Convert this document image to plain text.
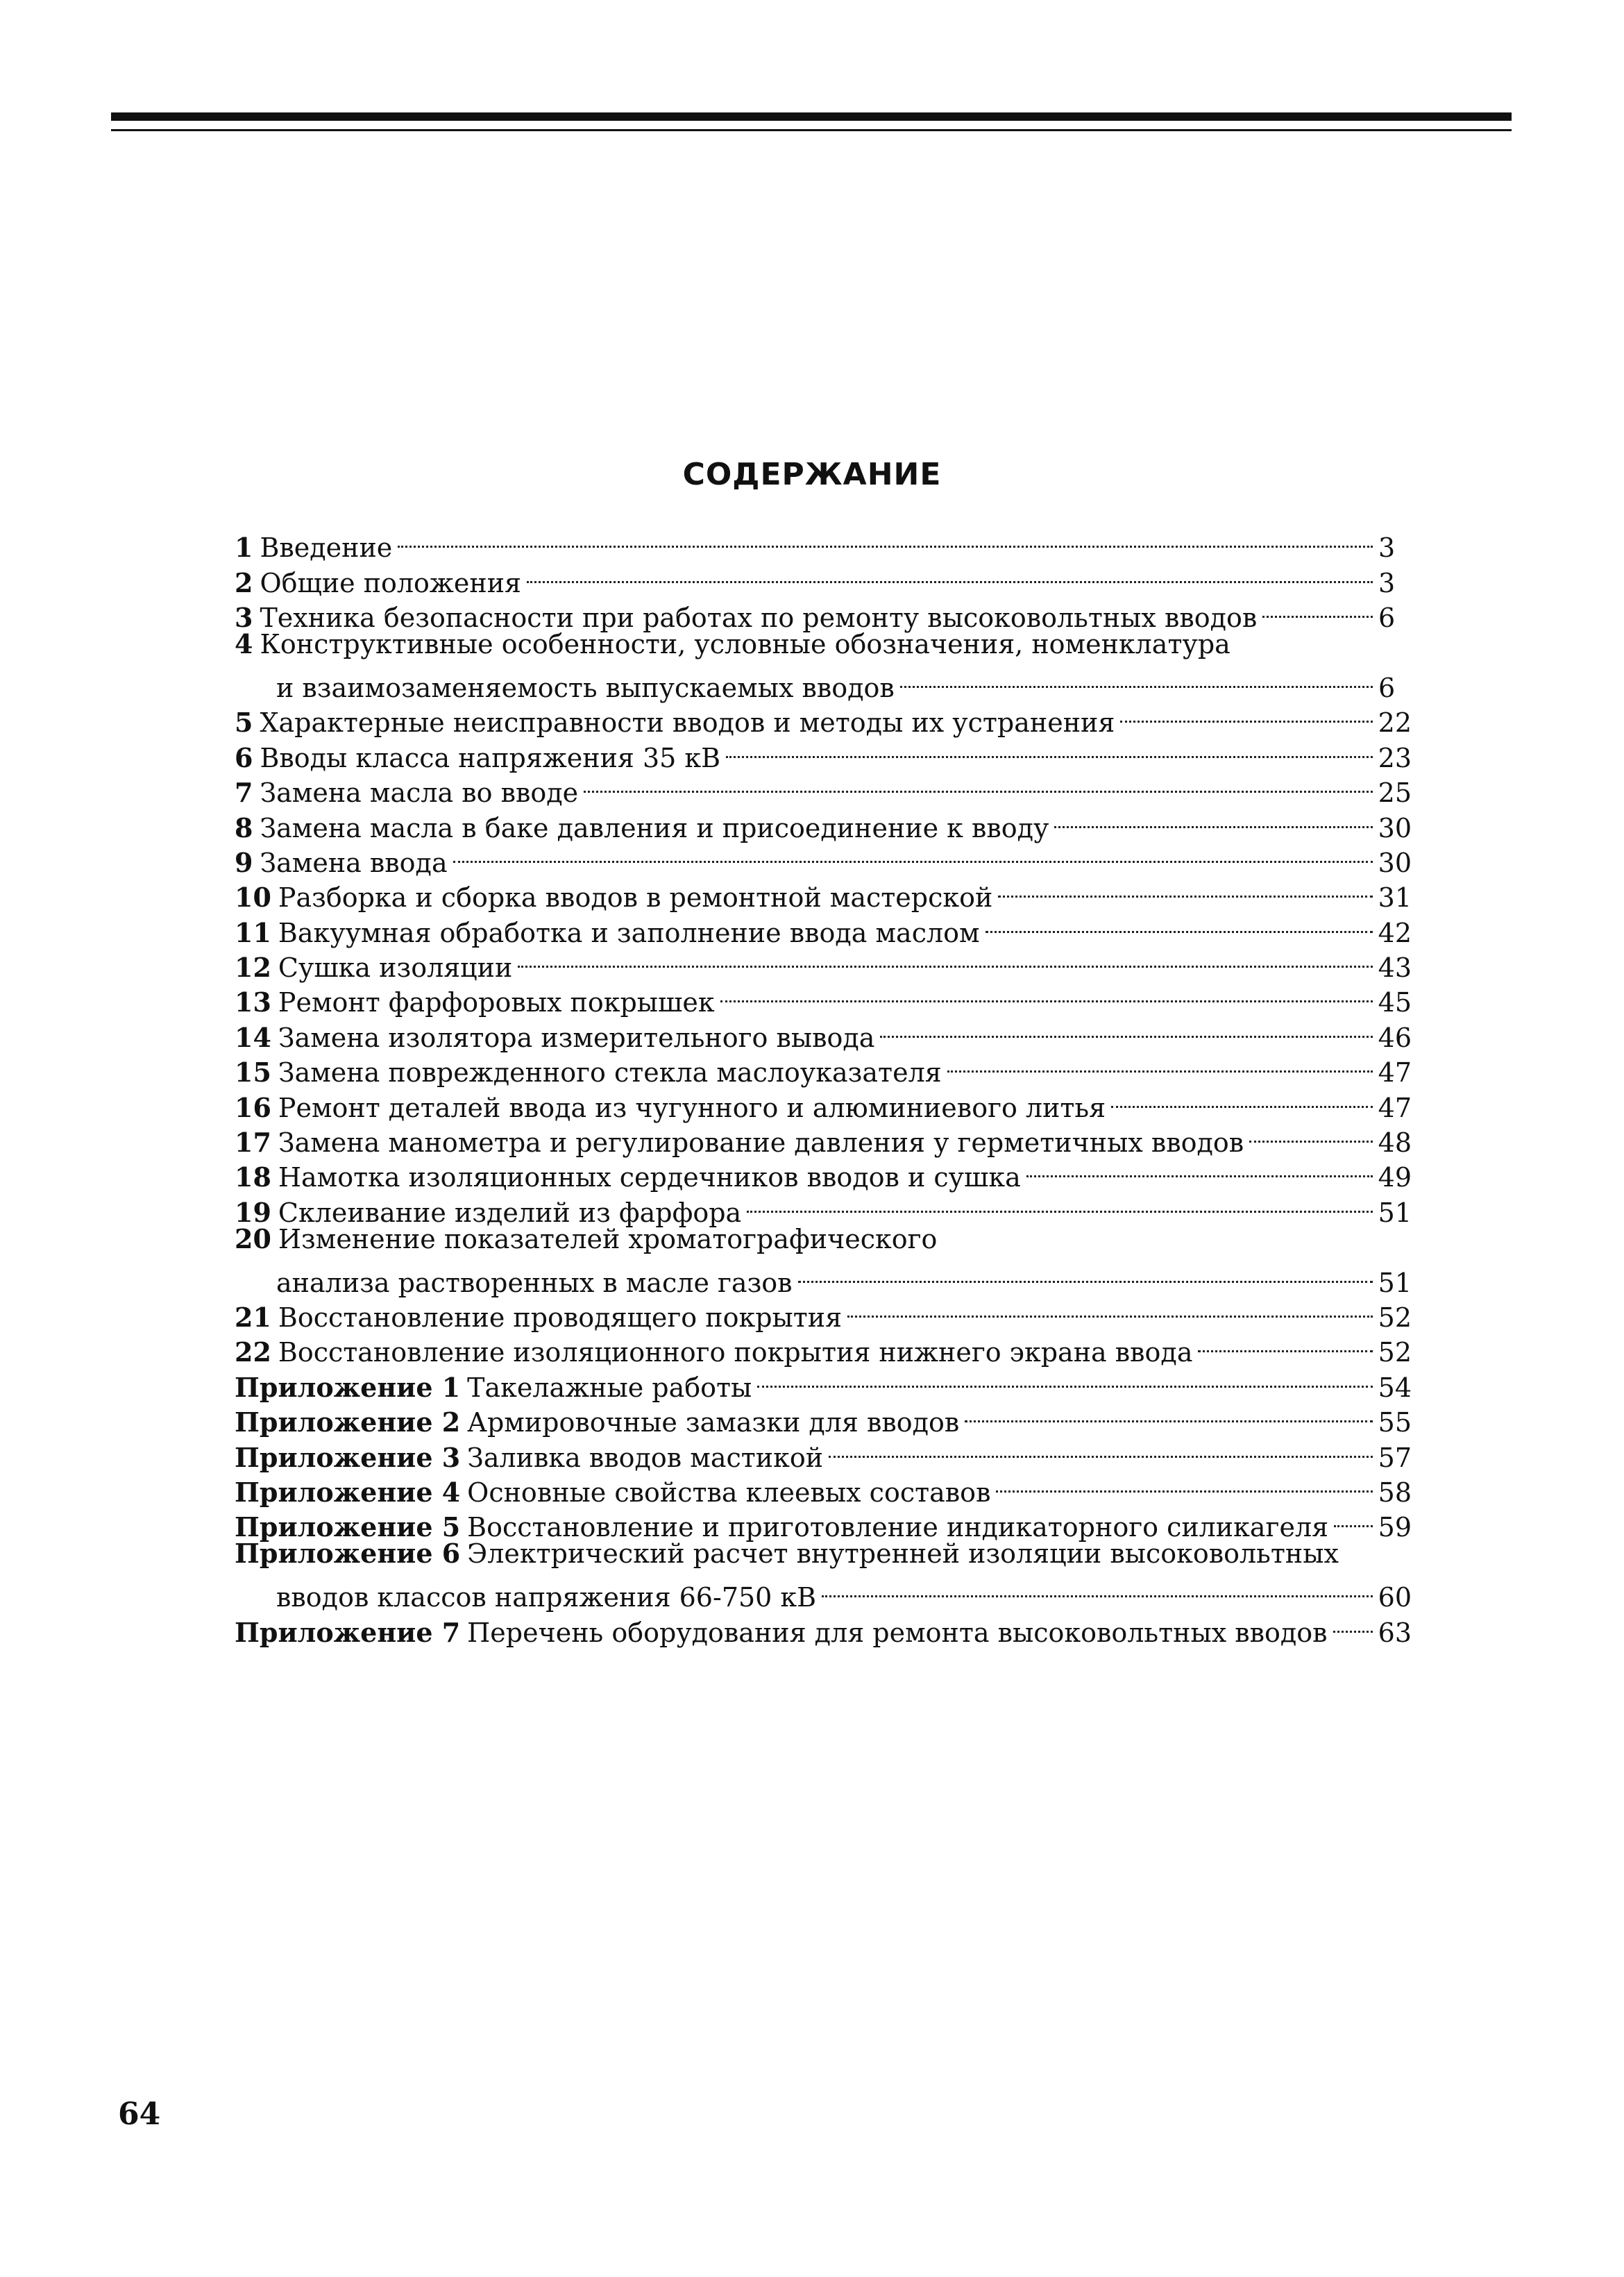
СОДЕРЖАНИЕ
1 Введение	3
2 Общие положения	3
3 Техника безопасности при работах по ремонту высоковольтных вводов	6
4 Конструктивные особенности, условные обозначения, номенклатура
и взаимозаменяемость выпускаемых вводов	6
5 Характерные неисправности вводов и методы их устранения	22
6 Вводы класса напряжения 35 кВ	23
7 Замена масла во вводе	25
8 Замена масла в баке давления и присоединение к вводу	30
9 Замена ввода	30
10 Разборка и сборка вводов в ремонтной мастерской	31
11 Вакуумная обработка и заполнение ввода маслом	42
12 Сушка изоляции	43
13 Ремонт фарфоровых покрышек	45
14 Замена изолятора измерительного вывода	46
15 Замена поврежденного стекла маслоуказателя	47
16 Ремонт деталей ввода из чугунного и алюминиевого литья	47
17 Замена манометра и регулирование давления у герметичных вводов	48
18 Намотка изоляционных сердечников вводов и сушка	49
19 Склеивание изделий из фарфора	51
20 Изменение показателей хроматографического
анализа растворенных в масле газов	51
21 Восстановление проводящего покрытия	52
22 Восстановление изоляционного покрытия нижнего экрана ввода	52
Приложение 1 Такелажные работы	54
Приложение 2 Армировочные замазки для вводов	55
Приложение 3 Заливка вводов мастикой	57
Приложение 4 Основные свойства клеевых составов	58
Приложение 5 Восстановление и приготовление индикаторного силикагеля 59
Приложение 6 Электрический расчет внутренней изоляции высоковольтных
вводов классов напряжения 66-750 кВ	60
Приложение 7 Перечень оборудования для ремонта высоковольтных вводов 63
64
